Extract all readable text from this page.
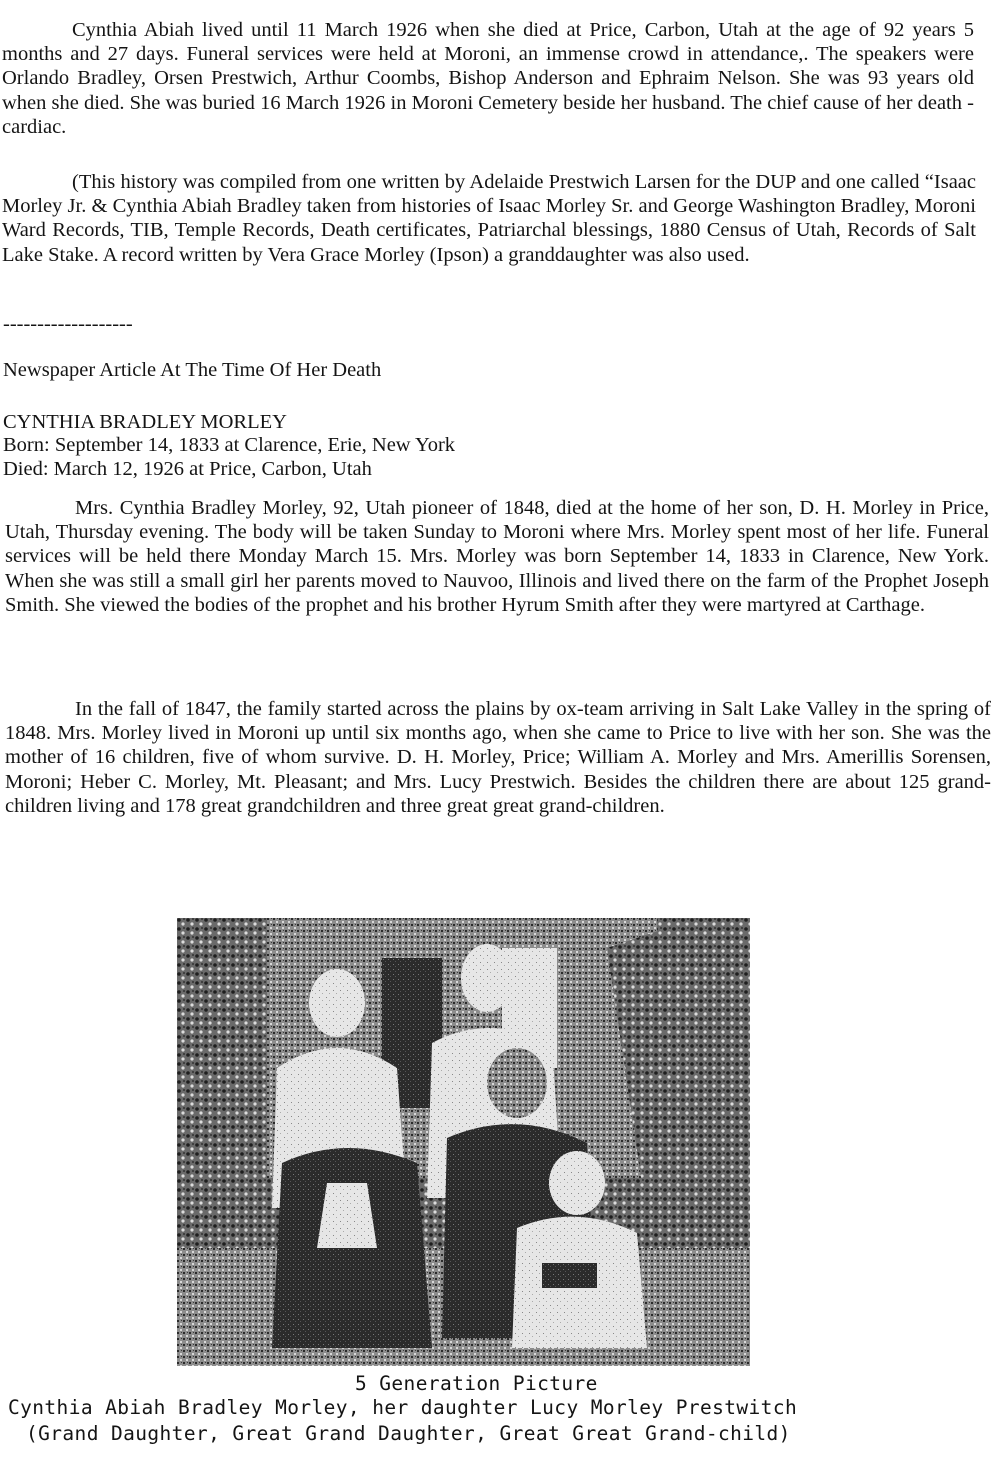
Cynthia Abiah lived until 11 March 1926 when she died at Price, Carbon, Utah at the age of 92 years 5 months and 27 days. Funeral services were held at Moroni, an immense crowd in attendance,. The speakers were Orlando Bradley, Orsen Prestwich, Arthur Coombs, Bishop Anderson and Ephraim Nelson. She was 93 years old when she died. She was buried 16 March 1926 in Moroni Cemetery beside her husband. The chief cause of her death - cardiac.

(This history was compiled from one written by Adelaide Prestwich Larsen for the DUP and one called “Isaac Morley Jr. & Cynthia Abiah Bradley taken from histories of Isaac Morley Sr. and George Washington Bradley, Moroni Ward Records, TIB, Temple Records, Death certificates, Patriarchal blessings, 1880 Census of Utah, Records of Salt Lake Stake. A record written by Vera Grace Morley (Ipson) a granddaughter was also used.

-------------------

Newspaper Article At The Time Of Her Death

CYNTHIA BRADLEY MORLEY

Born: September 14, 1833 at Clarence, Erie, New York

Died: March 12, 1926 at Price, Carbon, Utah

Mrs. Cynthia Bradley Morley, 92, Utah pioneer of 1848, died at the home of her son, D. H. Morley in Price, Utah, Thursday evening. The body will be taken Sunday to Moroni where Mrs. Morley spent most of her life. Funeral services will be held there Monday March 15. Mrs. Morley was born September 14, 1833 in Clarence, New York. When she was still a small girl her parents moved to Nauvoo, Illinois and lived there on the farm of the Prophet Joseph Smith. She viewed the bodies of the prophet and his brother Hyrum Smith after they were martyred at Carthage.

In the fall of 1847, the family started across the plains by ox-team arriving in Salt Lake Valley in the spring of 1848. Mrs. Morley lived in Moroni up until six months ago, when she came to Price to live with her son. She was the mother of 16 children, five of whom survive. D. H. Morley, Price; William A. Morley and Mrs. Amerillis Sorensen, Moroni; Heber C. Morley, Mt. Pleasant; and Mrs. Lucy Prestwich. Besides the children there are about 125 grand-children living and 178 great grandchildren and three great great grand-children.

5 Generation Picture

Cynthia Abiah Bradley Morley, her daughter Lucy Morley Prestwitch

(Grand Daughter, Great Grand Daughter, Great Great Grand-child)
